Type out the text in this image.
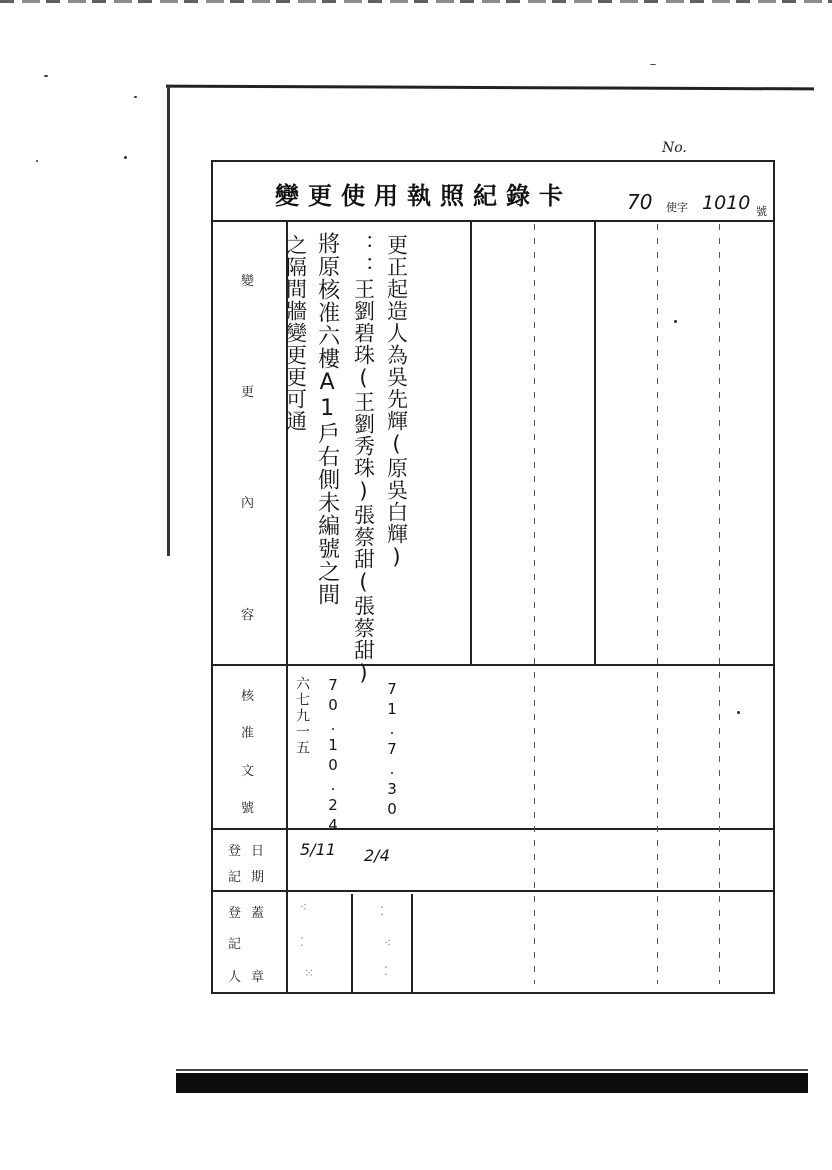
No.
變更使用執照紀錄卡	70 使字 1010 號
變
更
內
容
核
准
文
號
登日
記期
登蓋
記
人章
更正起造人為吳先輝(原吳白輝)
：：王劉碧珠(王劉秀珠)張蔡甜(張蔡甜)
將原核准六樓A1戶右側未編號之間
之隔間牆變更更可通
六七九一五 70.10.24	71.7.30
5/11 2/4
⁖
⁚
⁙
⁚
⁖
⁚
